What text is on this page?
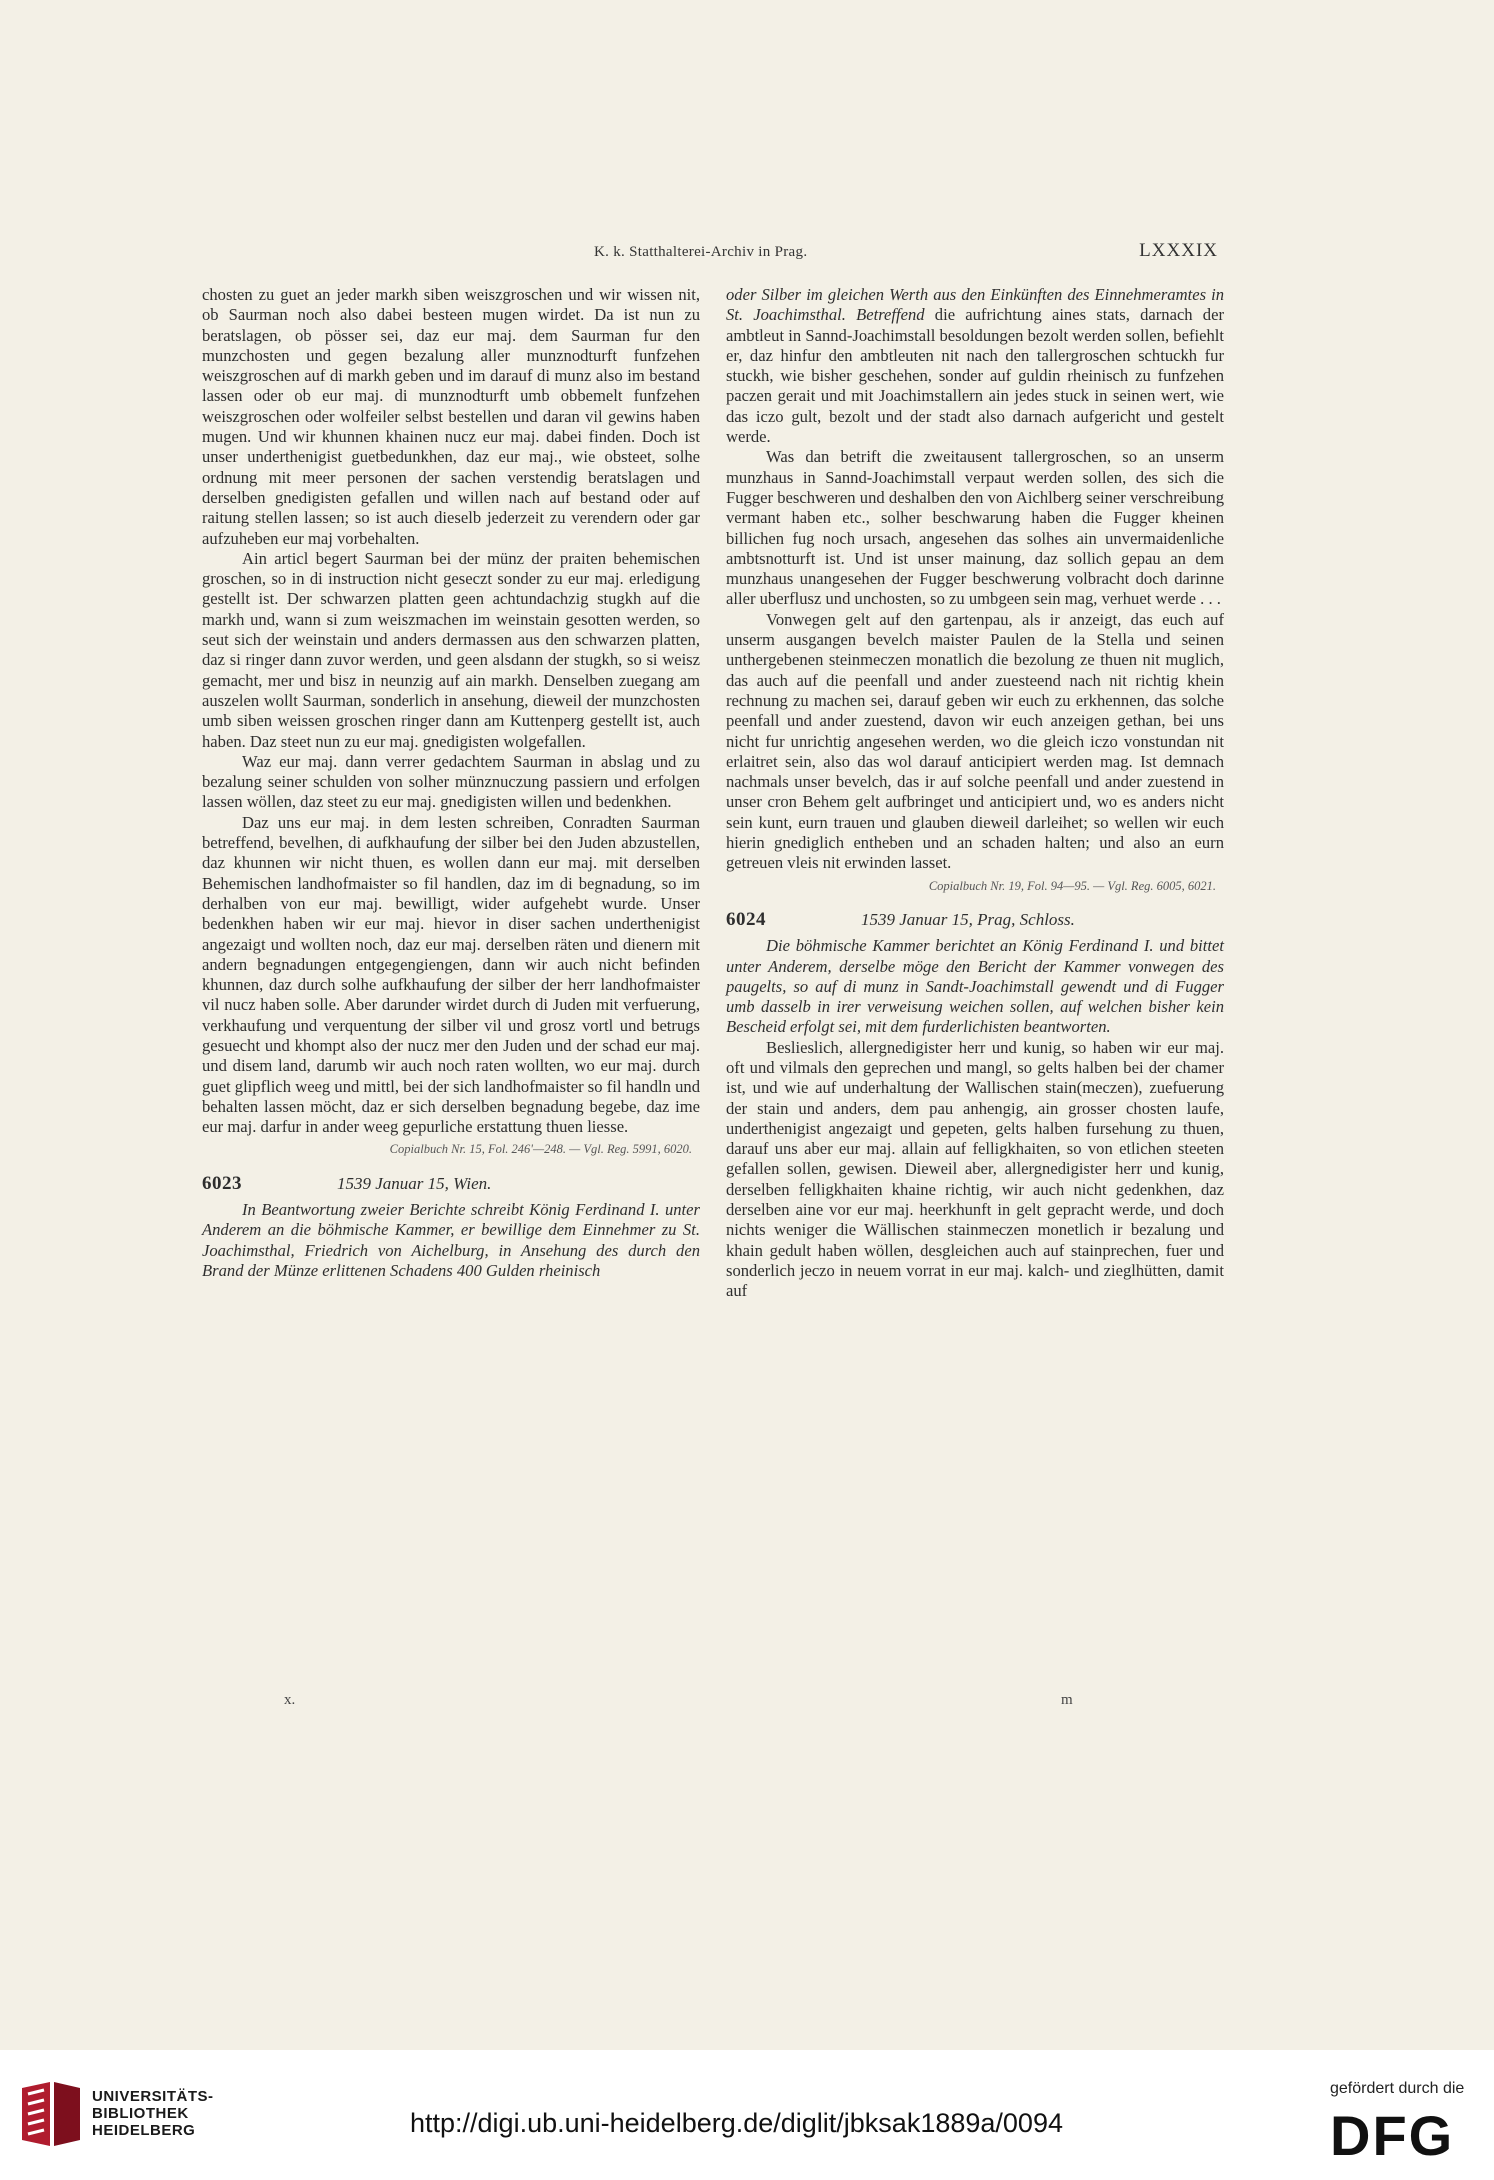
K. k. Statthalterei-Archiv in Prag.	LXXXIX

chosten zu guet an jeder markh siben weiszgroschen und wir wissen nit, ob Saurman noch also dabei besteen mugen wirdet. Da ist nun zu beratslagen, ob pösser sei, daz eur maj. dem Saurman fur den munzchosten und gegen bezalung aller munznodturft funfzehen weiszgroschen auf di markh geben und im darauf di munz also im bestand lassen oder ob eur maj. di munznodturft umb obbemelt funfzehen weiszgroschen oder wolfeiler selbst bestellen und daran vil gewins haben mugen. Und wir khunnen khainen nucz eur maj. dabei finden. Doch ist unser underthenigist guetbedunkhen, daz eur maj., wie obsteet, solhe ordnung mit meer personen der sachen verstendig beratslagen und derselben gnedigisten gefallen und willen nach auf bestand oder auf raitung stellen lassen; so ist auch dieselb jederzeit zu verendern oder gar aufzuheben eur maj vorbehalten.

Ain articl begert Saurman bei der münz der praiten behemischen groschen, so in di instruction nicht geseczt sonder zu eur maj. erledigung gestellt ist. Der schwarzen platten geen achtundachzig stugkh auf die markh und, wann si zum weiszmachen im weinstain gesotten werden, so seut sich der weinstain und anders dermassen aus den schwarzen platten, daz si ringer dann zuvor werden, und geen alsdann der stugkh, so si weisz gemacht, mer und bisz in neunzig auf ain markh. Denselben zuegang am auszelen wollt Saurman, sonderlich in ansehung, dieweil der munzchosten umb siben weissen groschen ringer dann am Kuttenperg gestellt ist, auch haben. Daz steet nun zu eur maj. gnedigisten wolgefallen.

Waz eur maj. dann verrer gedachtem Saurman in abslag und zu bezalung seiner schulden von solher münznuczung passiern und erfolgen lassen wöllen, daz steet zu eur maj. gnedigisten willen und bedenkhen.

Daz uns eur maj. in dem lesten schreiben, Conradten Saurman betreffend, bevelhen, di aufkhaufung der silber bei den Juden abzustellen, daz khunnen wir nicht thuen, es wollen dann eur maj. mit derselben Behemischen landhofmaister so fil handlen, daz im di begnadung, so im derhalben von eur maj. bewilligt, wider aufgehebt wurde. Unser bedenkhen haben wir eur maj. hievor in diser sachen underthenigist angezaigt und wollten noch, daz eur maj. derselben räten und dienern mit andern begnadungen entgegengiengen, dann wir auch nicht befinden khunnen, daz durch solhe aufkhaufung der silber der herr landhofmaister vil nucz haben solle. Aber darunder wirdet durch di Juden mit verfuerung, verkhaufung und verquentung der silber vil und grosz vortl und betrugs gesuecht und khompt also der nucz mer den Juden und der schad eur maj. und disem land, darumb wir auch noch raten wollten, wo eur maj. durch guet glipflich weeg und mittl, bei der sich landhofmaister so fil handln und behalten lassen möcht, daz er sich derselben begnadung begebe, daz ime eur maj. darfur in ander weeg gepurliche erstattung thuen liesse.

Copialbuch Nr. 15, Fol. 246'—248. — Vgl. Reg. 5991, 6020.

6023	1539 Januar 15, Wien.

In Beantwortung zweier Berichte schreibt König Ferdinand I. unter Anderem an die böhmische Kammer, er bewillige dem Einnehmer zu St. Joachimsthal, Friedrich von Aichelburg, in Ansehung des durch den Brand der Münze erlittenen Schadens 400 Gulden rheinisch

oder Silber im gleichen Werth aus den Einkünften des Einnehmeramtes in St. Joachimsthal. Betreffend die aufrichtung aines stats, darnach der ambtleut in Sannd-Joachimstall besoldungen bezolt werden sollen, befiehlt er, daz hinfur den ambtleuten nit nach den tallergroschen schtuckh fur stuckh, wie bisher geschehen, sonder auf guldin rheinisch zu funfzehen paczen gerait und mit Joachimstallern ain jedes stuck in seinen wert, wie das iczo gult, bezolt und der stadt also darnach aufgericht und gestelt werde.

Was dan betrift die zweitausent tallergroschen, so an unserm munzhaus in Sannd-Joachimstall verpaut werden sollen, des sich die Fugger beschweren und deshalben den von Aichlberg seiner verschreibung vermant haben etc., solher beschwarung haben die Fugger kheinen billichen fug noch ursach, angesehen das solhes ain unvermaidenliche ambtsnotturft ist. Und ist unser mainung, daz sollich gepau an dem munzhaus unangesehen der Fugger beschwerung volbracht doch darinne aller uberflusz und unchosten, so zu umbgeen sein mag, verhuet werde . . .

Vonwegen gelt auf den gartenpau, als ir anzeigt, das euch auf unserm ausgangen bevelch maister Paulen de la Stella und seinen unthergebenen steinmeczen monatlich die bezolung ze thuen nit muglich, das auch auf die peenfall und ander zuesteend nach nit richtig khein rechnung zu machen sei, darauf geben wir euch zu erkhennen, das solche peenfall und ander zuestend, davon wir euch anzeigen gethan, bei uns nicht fur unrichtig angesehen werden, wo die gleich iczo vonstundan nit erlaitret sein, also das wol darauf anticipiert werden mag. Ist demnach nachmals unser bevelch, das ir auf solche peenfall und ander zuestend in unser cron Behem gelt aufbringet und anticipiert und, wo es anders nicht sein kunt, eurn trauen und glauben dieweil darleihet; so wellen wir euch hierin gnediglich entheben und an schaden halten; und also an eurn getreuen vleis nit erwinden lasset.

Copialbuch Nr. 19, Fol. 94—95. — Vgl. Reg. 6005, 6021.

6024	1539 Januar 15, Prag, Schloss.

Die böhmische Kammer berichtet an König Ferdinand I. und bittet unter Anderem, derselbe möge den Bericht der Kammer vonwegen des paugelts, so auf di munz in Sandt-Joachimstall gewendt und di Fugger umb dasselb in irer verweisung weichen sollen, auf welchen bisher kein Bescheid erfolgt sei, mit dem furderlichisten beantworten.

Beslieslich, allergnedigister herr und kunig, so haben wir eur maj. oft und vilmals den geprechen und mangl, so gelts halben bei der chamer ist, und wie auf underhaltung der Wallischen stain(meczen), zuefuerung der stain und anders, dem pau anhengig, ain grosser chosten laufe, underthenigist angezaigt und gepeten, gelts halben fursehung zu thuen, darauf uns aber eur maj. allain auf felligkhaiten, so von etlichen steeten gefallen sollen, gewisen. Dieweil aber, allergnedigister herr und kunig, derselben felligkhaiten khaine richtig, wir auch nicht gedenkhen, daz derselben aine vor eur maj. heerkhunft in gelt gepracht werde, und doch nichts weniger die Wällischen stainmeczen monetlich ir bezalung und khain gedult haben wöllen, desgleichen auch auf stainprechen, fuer und sonderlich jeczo in neuem vorrat in eur maj. kalch- und zieglhütten, damit auf

x.	m
UNIVERSITÄTS-
BIBLIOTHEK
HEIDELBERG	http://digi.ub.uni-heidelberg.de/diglit/jbksak1889a/0094
gefördert durch die
DFG
